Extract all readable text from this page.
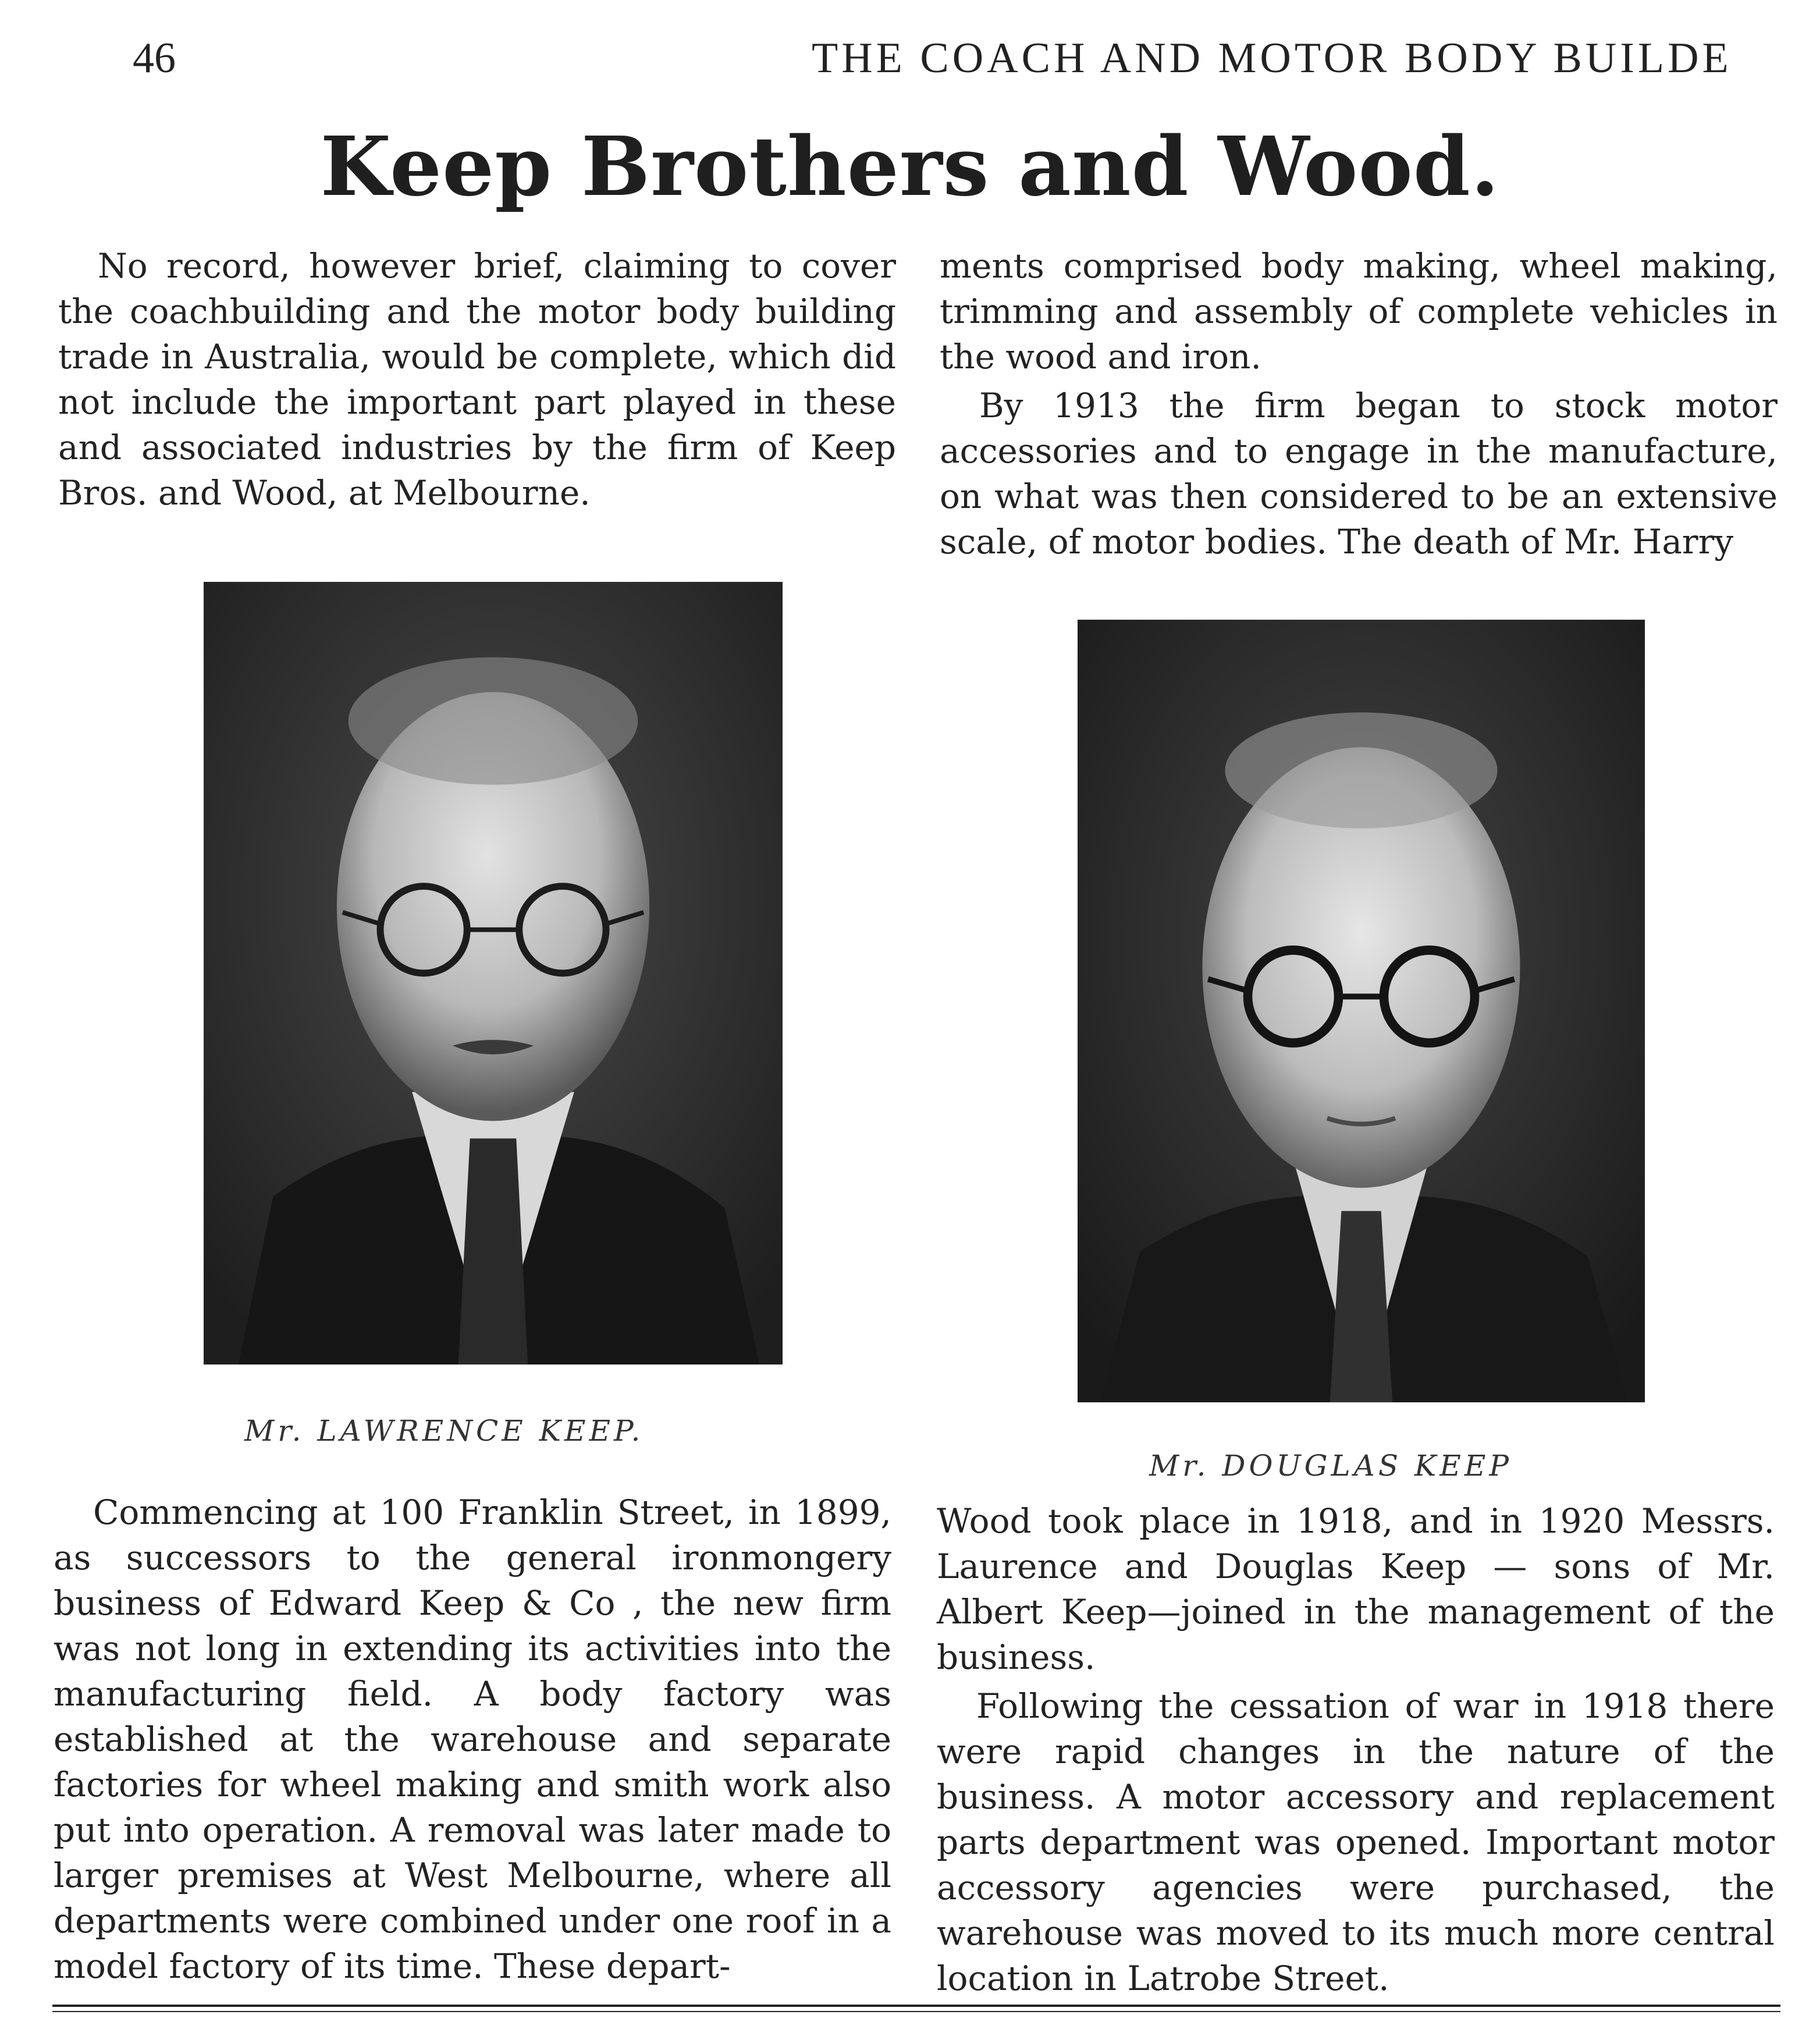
46	THE COACH AND MOTOR BODY BUILDE
Keep Brothers and Wood.

No record, however brief, claiming to cover the coachbuilding and the motor body building trade in Australia, would be complete, which did not include the important part played in these and associated industries by the firm of Keep Bros. and Wood, at Melbourne.

ments comprised body making, wheel making, trimming and assembly of complete vehicles in the wood and iron.

By 1913 the firm began to stock motor accessories and to engage in the manufacture, on what was then considered to be an extensive scale, of motor bodies. The death of Mr. Harry

Mr. LAWRENCE KEEP.
Mr. DOUGLAS KEEP

Commencing at 100 Franklin Street, in 1899, as successors to the general ironmongery business of Edward Keep & Co , the new firm was not long in extending its activities into the manufacturing field. A body factory was established at the warehouse and separate factories for wheel making and smith work also put into operation. A removal was later made to larger premises at West Melbourne, where all departments were combined under one roof in a model factory of its time. These depart-

Wood took place in 1918, and in 1920 Messrs. Laurence and Douglas Keep — sons of Mr. Albert Keep—joined in the management of the business.

Following the cessation of war in 1918 there were rapid changes in the nature of the business. A motor accessory and replacement parts department was opened. Important motor accessory agencies were purchased, the warehouse was moved to its much more central location in Latrobe Street.
